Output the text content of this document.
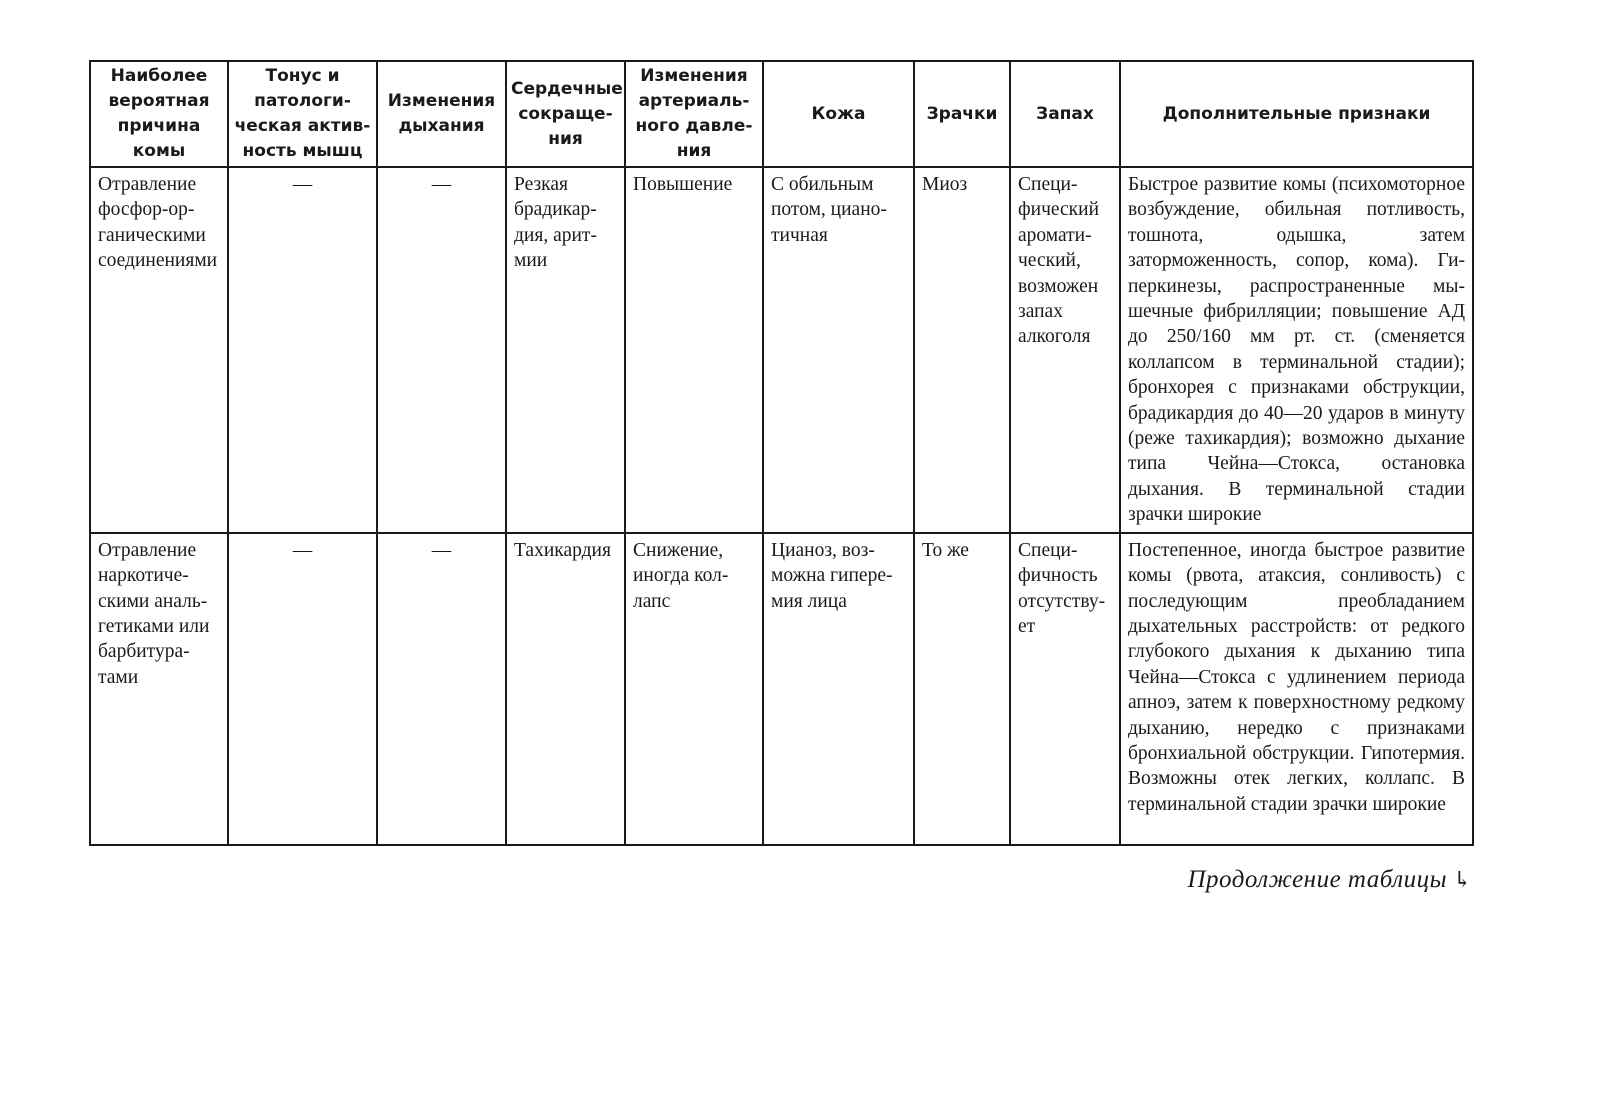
Наиболее вероятная причина комы	Тонус и патологическая активность мышц	Изменения дыхания	Сердечные сокращения	Изменения артериального давления	Кожа	Зрачки	Запах	Дополнительные признаки
Отравление фосфор-органическими соединениями	—	—	Резкая брадикардия, аритмии	Повышение	С обильным потом, цианотичная	Миоз	Специфический ароматический, возможен запах алкоголя	Быстрое развитие комы (психомоторное возбуждение, обильная потливость, тошнота, одышка, затем заторможенность, сопор, кома). Гиперкинезы, распространенные мышечные фибрилляции; повышение АД до 250/160 мм рт. ст. (сменяется коллапсом в терминальной стадии); бронхорея с признаками обструкции, брадикардия до 40—20 ударов в минуту (реже тахикардия); возможно дыхание типа Чейна—Стокса, остановка дыхания. В терминальной стадии зрачки широкие
Отравление наркотическими анальгетиками или барбитуратами	—	—	Тахикардия	Снижение, иногда коллапс	Цианоз, возможна гиперемия лица	То же	Специфичность отсутствует	Постепенное, иногда быстрое развитие комы (рвота, атаксия, сонливость) с последующим преобладанием дыхательных расстройств: от редкого глубокого дыхания к дыханию типа Чейна—Стокса с удлинением периода апноэ, затем к поверхностному редкому дыханию, нередко с признаками бронхиальной обструкции. Гипотермия. Возможны отек легких, коллапс. В терминальной стадии зрачки широкие
Продолжение таблицы ↳
